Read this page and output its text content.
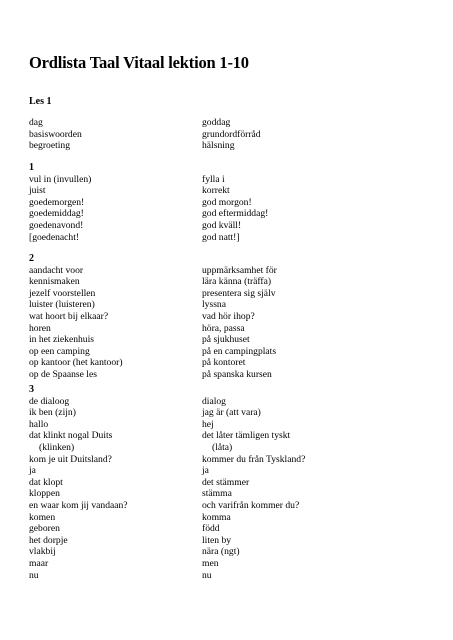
Ordlista Taal Vitaal lektion 1-10
Les 1
dag	goddag
basiswoorden	grundordförråd
begroeting	hälsning
1
vul in (invullen)	fylla i
juist	korrekt
goedemorgen!	god morgon!
goedemiddag!	god eftermiddag!
goedenavond!	god kväll!
[goedenacht!	god natt!]
2
aandacht voor	uppmärksamhet för
kennismaken	lära känna (träffa)
jezelf voorstellen	presentera sig själv
luister (luisteren)	lyssna
wat hoort bij elkaar?	vad hör ihop?
horen	höra, passa
in het ziekenhuis	på sjukhuset
op een camping	på en campingplats
op kantoor (het kantoor)	på kontoret
op de Spaanse les	på spanska kursen
3
de dialoog	dialog
ik ben (zijn)	jag är (att vara)
hallo	hej
dat klinkt nogal Duits	det låter tämligen tyskt
(klinken)	(låta)
kom je uit Duitsland?	kommer du från Tyskland?
ja	ja
dat klopt	det stämmer
kloppen	stämma
en waar kom jij vandaan?	och varifrån kommer du?
komen	komma
geboren	född
het dorpje	liten by
vlakbij	nära (ngt)
maar	men
nu	nu
